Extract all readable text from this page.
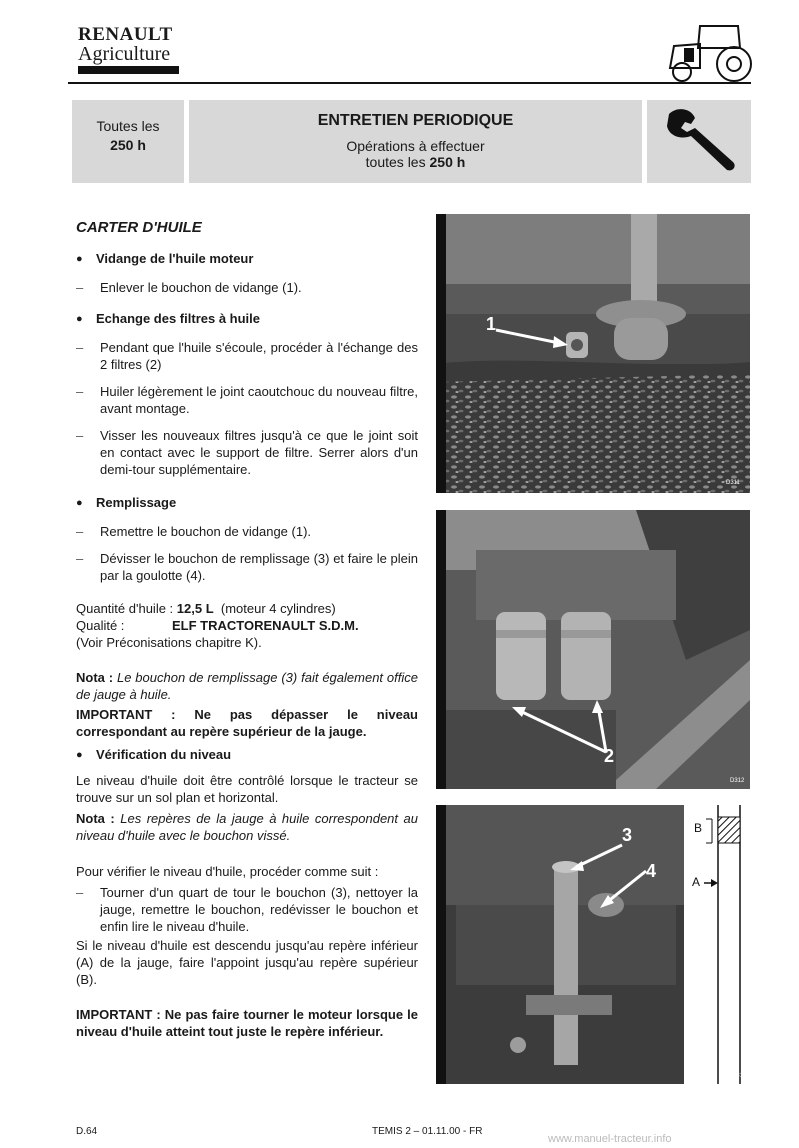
RENAULT
Agriculture
Toutes les
250 h
ENTRETIEN PERIODIQUE
Opérations à effectuer
toutes les 250 h
CARTER D'HUILE
● Vidange de l'huile moteur
– Enlever le bouchon de vidange (1).
● Echange des filtres à huile
– Pendant que l'huile s'écoule, procéder à l'échange des 2 filtres (2)
– Huiler légèrement le joint caoutchouc du nouveau filtre, avant montage.
– Visser les nouveaux filtres jusqu'à ce que le joint soit en contact avec le support de filtre. Serrer alors d'un demi-tour supplémentaire.
● Remplissage
– Remettre le bouchon de vidange (1).
– Dévisser le bouchon de remplissage (3) et faire le plein par la goulotte (4).
Quantité d'huile : 12,5 L  (moteur 4 cylindres)
Qualité :	ELF TRACTORENAULT S.D.M.
(Voir Préconisations chapitre K).
Nota : Le bouchon de remplissage (3) fait également office de jauge à huile.
IMPORTANT : Ne pas dépasser le niveau correspondant au repère supérieur de la jauge.
● Vérification du niveau
Le niveau d'huile doit être contrôlé lorsque le tracteur se trouve sur un sol plan et horizontal.
Nota : Les repères de la jauge à huile correspondent au niveau d'huile avec le bouchon vissé.
Pour vérifier le niveau d'huile, procéder comme suit :
– Tourner d'un quart de tour le bouchon (3), nettoyer la jauge, remettre le bouchon, redévisser le bouchon et enfin lire le niveau d'huile.
Si le niveau d'huile est descendu jusqu'au repère inférieur (A) de la jauge, faire l'appoint jusqu'au repère supérieur (B).
IMPORTANT : Ne pas faire tourner le moteur lorsque le niveau d'huile atteint tout juste le repère inférieur.
1
D311
2
D312
3
4
B
A
D313
D.64	TEMIS 2 – 01.11.00 - FR
www.manuel-tracteur.info
